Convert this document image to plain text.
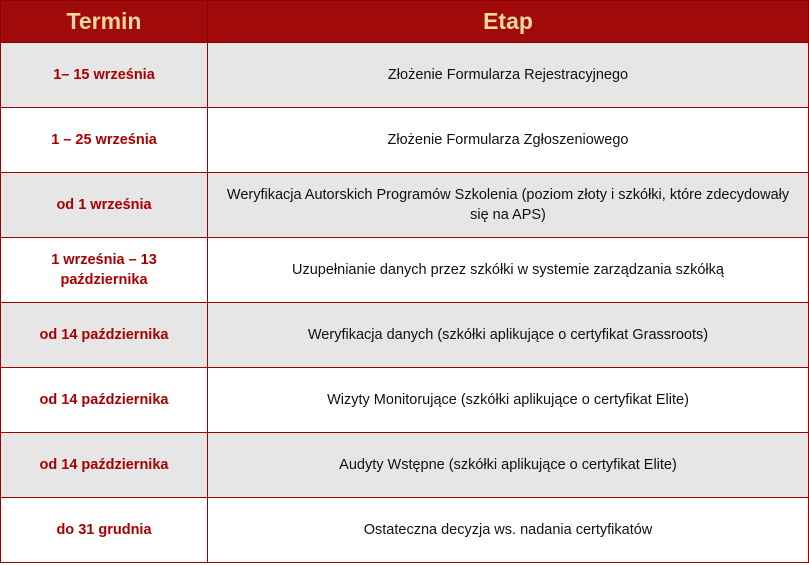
Termin	Etap
1– 15 września	Złożenie Formularza Rejestracyjnego
1 – 25 września	Złożenie Formularza Zgłoszeniowego
od 1 września	Weryfikacja Autorskich Programów Szkolenia (poziom złoty i szkółki, które zdecydowały się na APS)
1 września – 13 października	Uzupełnianie danych przez szkółki w systemie zarządzania szkółką
od 14 października	Weryfikacja danych (szkółki aplikujące o certyfikat Grassroots)
od 14 października	Wizyty Monitorujące (szkółki aplikujące o certyfikat Elite)
od 14 października	Audyty Wstępne (szkółki aplikujące o certyfikat Elite)
do 31 grudnia	Ostateczna decyzja ws. nadania certyfikatów
